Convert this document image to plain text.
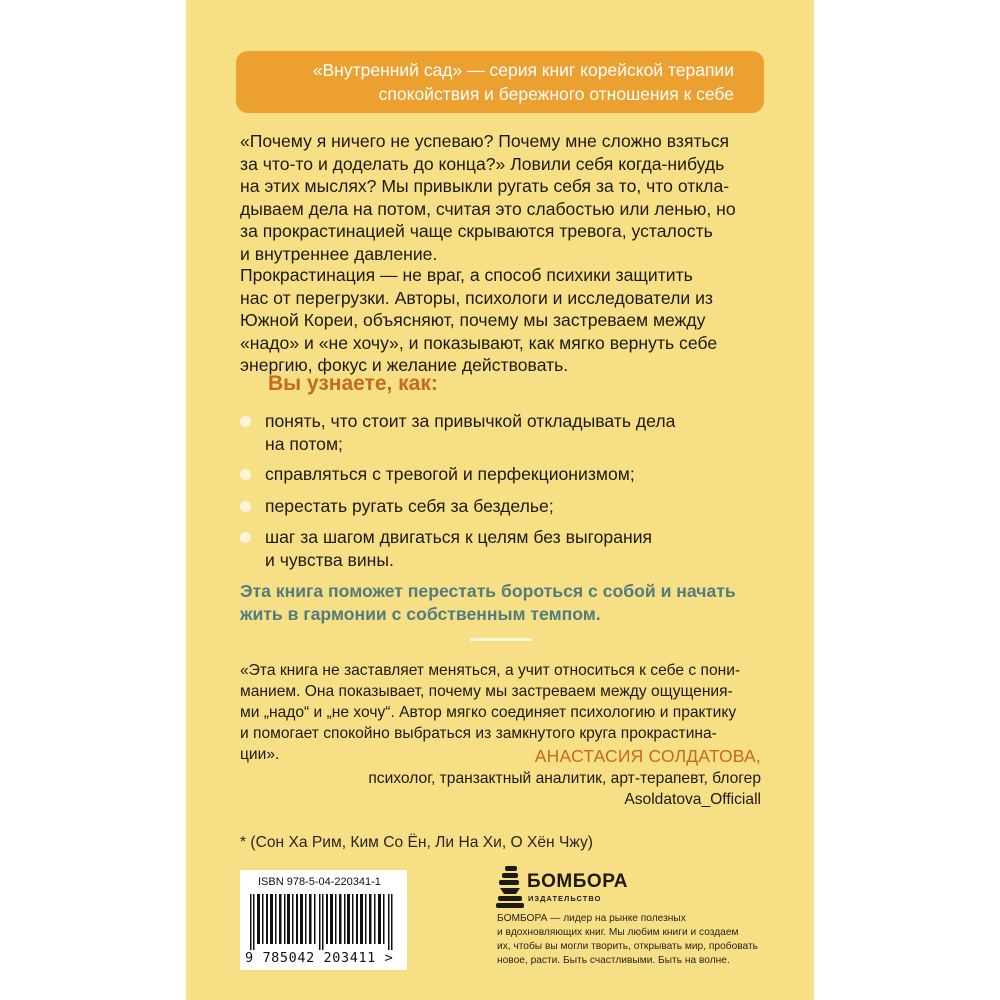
«Внутренний сад» — серия книг корейской терапии
спокойствия и бережного отношения к себе
«Почему я ничего не успеваю? Почему мне сложно взяться
за что-то и доделать до конца?» Ловили себя когда-нибудь
на этих мыслях? Мы привыкли ругать себя за то, что откла-
дываем дела на потом, считая это слабостью или ленью, но
за прокрастинацией чаще скрываются тревога, усталость
и внутреннее давление.
Прокрастинация — не враг, а способ психики защитить
нас от перегрузки. Авторы, психологи и исследователи из
Южной Кореи, объясняют, почему мы застреваем между
«надо» и «не хочу», и показывают, как мягко вернуть себе
энергию, фокус и желание действовать.
Вы узнаете, как:
понять, что стоит за привычкой откладывать дела
на потом;
справляться с тревогой и перфекционизмом;
перестать ругать себя за безделье;
шаг за шагом двигаться к целям без выгорания
и чувства вины.

Эта книга поможет перестать бороться с собой и начать
жить в гармонии с собственным темпом.

«Эта книга не заставляет меняться, а учит относиться к себе с пони-
манием. Она показывает, почему мы застреваем между ощущения-
ми „надо“ и „не хочу“. Автор мягко соединяет психологию и практику
и помогает спокойно выбраться из замкнутого круга прокрастина-
ции».	АНАСТАСИЯ СОЛДАТОВА,
психолог, транзактный аналитик, арт-терапевт, блогер
Asoldatova_Officiall

* (Сон Ха Рим, Ким Со Ён, Ли На Хи, О Хён Чжу)

ISBN 978-5-04-220341-1
9 785042 203411 >
БОМБОРА
ИЗДАТЕЛЬСТВО

БОМБОРА — лидер на рынке полезных
и вдохновляющих книг. Мы любим книги и создаем
их, чтобы вы могли творить, открывать мир, пробовать
новое, расти. Быть счастливыми. Быть на волне.
